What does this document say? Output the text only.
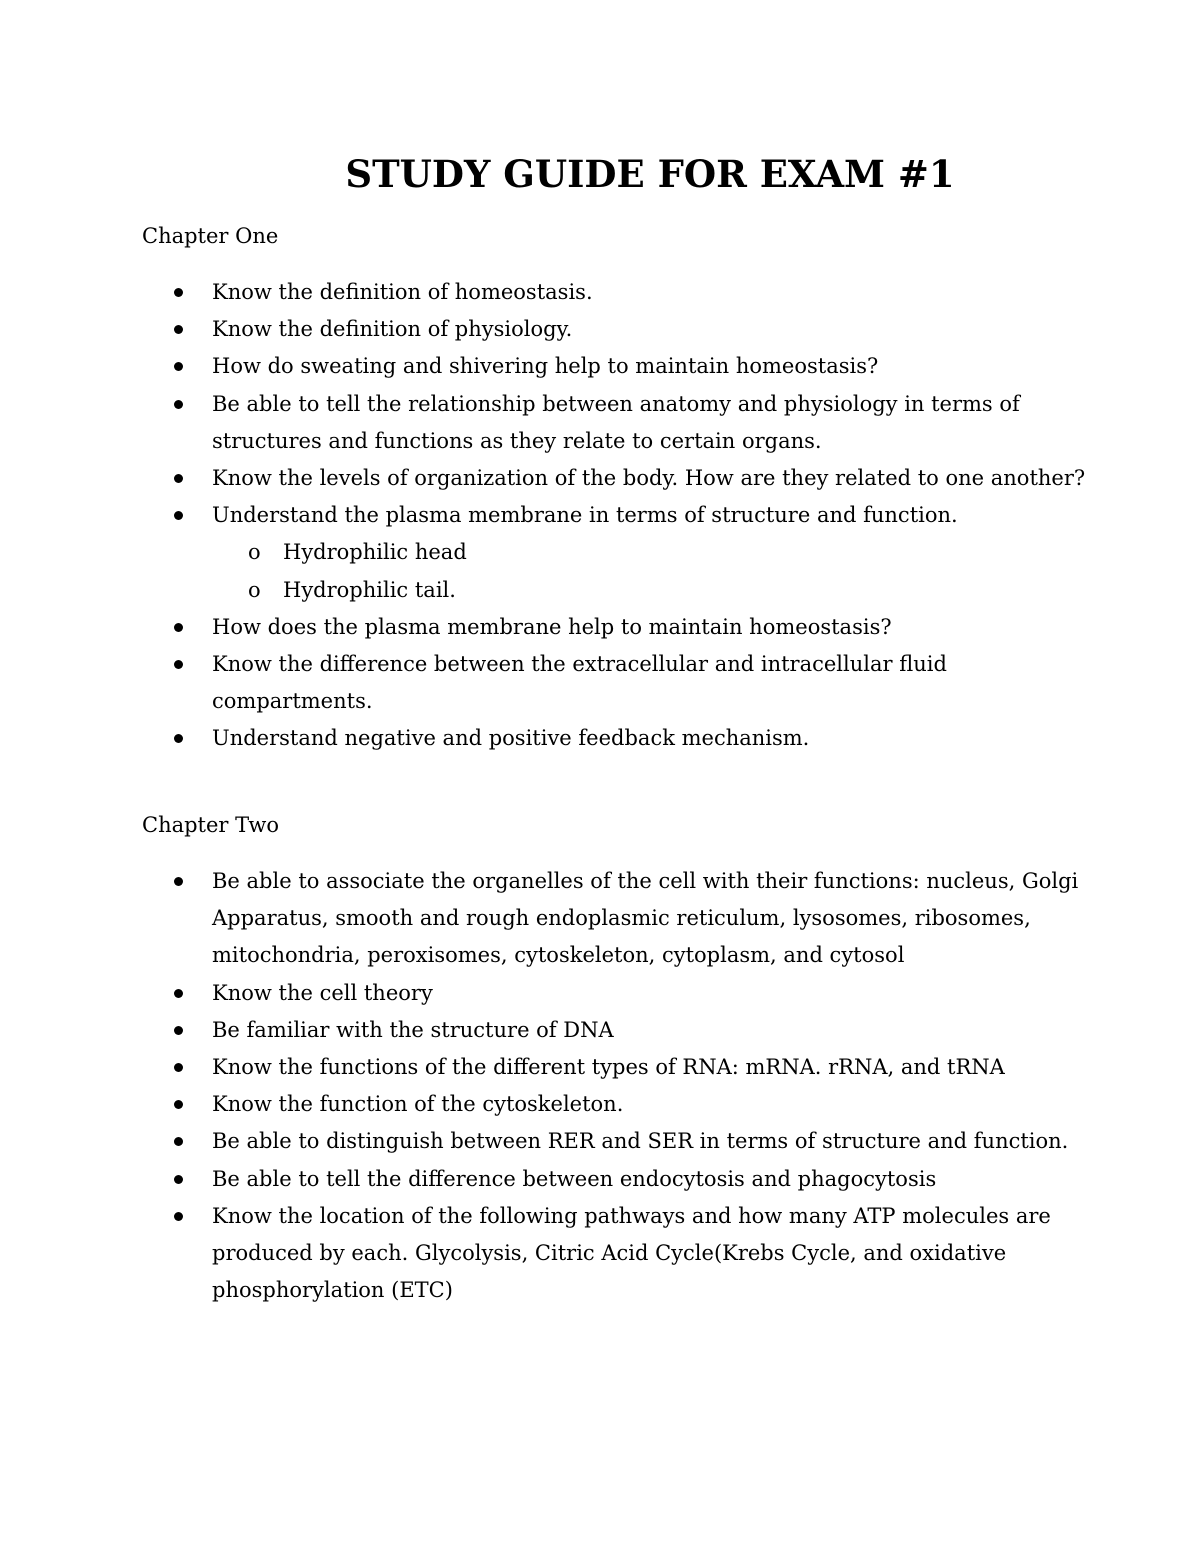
STUDY GUIDE FOR EXAM #1

Chapter One

Know the definition of homeostasis.
Know the definition of physiology.
How do sweating and shivering help to maintain homeostasis?
Be able to tell the relationship between anatomy and physiology in terms of structures and functions as they relate to certain organs.
Know the levels of organization of the body. How are they related to one another?
Understand the plasma membrane in terms of structure and function.
o Hydrophilic head
o Hydrophilic tail.
How does the plasma membrane help to maintain homeostasis?
Know the difference between the extracellular and intracellular fluid compartments.
Understand negative and positive feedback mechanism.

Chapter Two

Be able to associate the organelles of the cell with their functions: nucleus, Golgi Apparatus, smooth and rough endoplasmic reticulum, lysosomes, ribosomes, mitochondria, peroxisomes, cytoskeleton, cytoplasm, and cytosol
Know the cell theory
Be familiar with the structure of DNA
Know the functions of the different types of RNA: mRNA. rRNA, and tRNA
Know the function of the cytoskeleton.
Be able to distinguish between RER and SER in terms of structure and function.
Be able to tell the difference between endocytosis and phagocytosis
Know the location of the following pathways and how many ATP molecules are produced by each. Glycolysis, Citric Acid Cycle(Krebs Cycle, and oxidative phosphorylation (ETC)
